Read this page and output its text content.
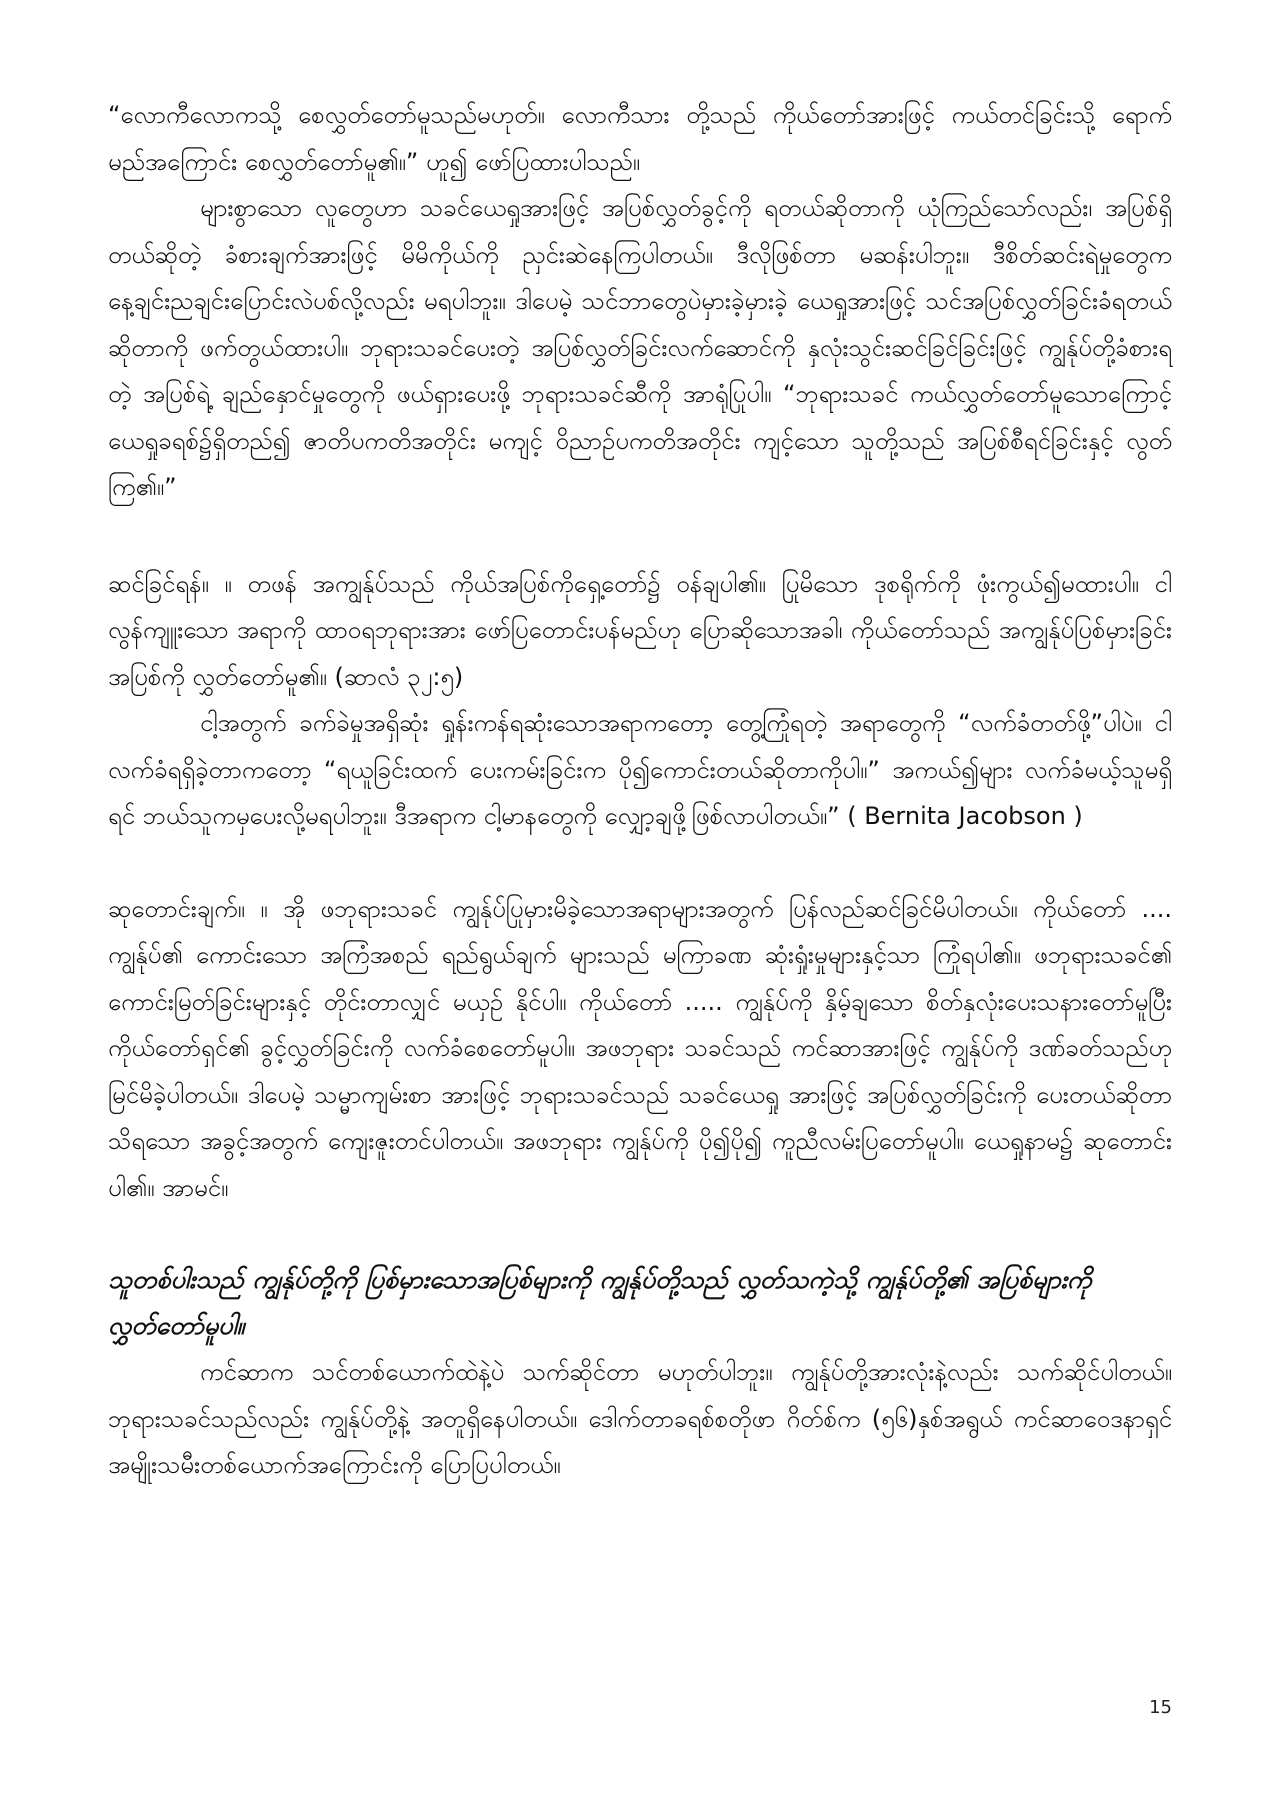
“လောကီလောကသို့ စေလွှတ်တော်မူသည်မဟုတ်။ လောကီသား တို့သည် ကိုယ်တော်အားဖြင့် ကယ်တင်ခြင်းသို့ ရောက်မည်အကြောင်း စေလွှတ်တော်မူ၏။” ဟူ၍ ဖော်ပြထားပါသည်။

များစွာသော လူတွေဟာ သခင်ယေရှုအားဖြင့် အပြစ်လွှတ်ခွင့်ကို ရတယ်ဆိုတာကို ယုံကြည်သော်လည်း၊ အပြစ်ရှိတယ်ဆိုတဲ့ ခံစားချက်အားဖြင့် မိမိကိုယ်ကို ညှင်းဆဲနေကြပါတယ်။ ဒီလိုဖြစ်တာ မဆန်းပါဘူး။ ဒီစိတ်ဆင်းရဲမှုတွေက နေ့ချင်းညချင်းပြောင်းလဲပစ်လို့လည်း မရပါဘူး။ ဒါပေမဲ့ သင်ဘာတွေပဲမှားခဲ့မှားခဲ့ ယေရှုအားဖြင့် သင်အပြစ်လွှတ်ခြင်းခံရတယ်ဆိုတာကို ဖက်တွယ်ထားပါ။ ဘုရားသခင်ပေးတဲ့ အပြစ်လွှတ်ခြင်းလက်ဆောင်ကို နှလုံးသွင်းဆင်ခြင်ခြင်းဖြင့် ကျွန်ုပ်တို့ခံစားရတဲ့ အပြစ်ရဲ့ ချည်နှောင်မှုတွေကို ဖယ်ရှားပေးဖို့ ဘုရားသခင်ဆီကို အာရုံပြုပါ။ “ဘုရားသခင် ကယ်လွှတ်တော်မူသောကြောင့် ယေရှုခရစ်၌ရှိတည်၍ ဇာတိပကတိအတိုင်း မကျင့် ဝိညာဉ်ပကတိအတိုင်း ကျင့်သော သူတို့သည် အပြစ်စီရင်ခြင်းနှင့် လွတ်ကြ၏။”

ဆင်ခြင်ရန်။ ။ တဖန် အကျွန်ုပ်သည် ကိုယ်အပြစ်ကိုရှေ့တော်၌ ဝန်ချပါ၏။ ပြုမိသော ဒုစရိုက်ကို ဖုံးကွယ်၍မထားပါ။ ငါလွန်ကျူးသော အရာကို ထာဝရဘုရားအား ဖော်ပြတောင်းပန်မည်ဟု ပြောဆိုသောအခါ၊ ကိုယ်တော်သည် အကျွန်ုပ်ပြစ်မှားခြင်းအပြစ်ကို လွှတ်တော်မူ၏။ (ဆာလံ ၃၂:၅)

ငါ့အတွက် ခက်ခဲမှုအရှိဆုံး ရှုန်းကန်ရဆုံးသောအရာကတော့ တွေ့ကြုံရတဲ့ အရာတွေကို “လက်ခံတတ်ဖို့”ပါပဲ။ ငါလက်ခံရရှိခဲ့တာကတော့ “ရယူခြင်းထက် ပေးကမ်းခြင်းက ပို၍ကောင်းတယ်ဆိုတာကိုပါ။” အကယ်၍များ လက်ခံမယ့်သူမရှိရင် ဘယ်သူကမှပေးလို့မရပါဘူး။ ဒီအရာက ငါ့မာနတွေကို လျှော့ချဖို့ဖြစ်လာပါတယ်။” ( Bernita Jacobson )

ဆုတောင်းချက်။ ။ အို ဖဘုရားသခင် ကျွန်ုပ်ပြုမှားမိခဲ့သောအရာများအတွက် ပြန်လည်ဆင်ခြင်မိပါတယ်။ ကိုယ်တော် .... ကျွန်ုပ်၏ ကောင်းသော အကြံအစည် ရည်ရွယ်ချက် များသည် မကြာခဏ ဆုံးရှုံးမှုများနှင့်သာ ကြုံရပါ၏။ ဖဘုရားသခင်၏ ကောင်းမြတ်ခြင်းများနှင့် တိုင်းတာလျှင် မယှဉ် နိုင်ပါ။ ကိုယ်တော် ..... ကျွန်ုပ်ကို နှိမ့်ချသော စိတ်နှလုံးပေးသနားတော်မူပြီး ကိုယ်တော်ရှင်၏ ခွင့်လွှတ်ခြင်းကို လက်ခံစေတော်မူပါ။ အဖဘုရား သခင်သည် ကင်ဆာအားဖြင့် ကျွန်ုပ်ကို ဒဏ်ခတ်သည်ဟု မြင်မိခဲ့ပါတယ်။ ဒါပေမဲ့ သမ္မာကျမ်းစာ အားဖြင့် ဘုရားသခင်သည် သခင်ယေရှု အားဖြင့် အပြစ်လွှတ်ခြင်းကို ပေးတယ်ဆိုတာသိရသော အခွင့်အတွက် ကျေးဇူးတင်ပါတယ်။ အဖဘုရား ကျွန်ုပ်ကို ပို၍ပို၍ ကူညီလမ်းပြတော်မူပါ။ ယေရှုနာမ၌ ဆုတောင်းပါ၏။ အာမင်။

သူတစ်ပါးသည် ကျွန်ုပ်တို့ကို ပြစ်မှားသောအပြစ်များကို ကျွန်ုပ်တို့သည် လွှတ်သကဲ့သို့ ကျွန်ုပ်တို့၏ အပြစ်များကို လွှတ်တော်မူပါ။

ကင်ဆာက သင်တစ်ယောက်ထဲနဲ့ပဲ သက်ဆိုင်တာ မဟုတ်ပါဘူး။ ကျွန်ုပ်တို့အားလုံးနဲ့လည်း သက်ဆိုင်ပါတယ်။ ဘုရားသခင်သည်လည်း ကျွန်ုပ်တို့နဲ့ အတူရှိနေပါတယ်။ ဒေါက်တာခရစ်စတိုဖာ ဂိတ်စ်က (၅၆)နှစ်အရွယ် ကင်ဆာဝေဒနာရှင် အမျိုးသမီးတစ်ယောက်အကြောင်းကို ပြောပြပါတယ်။

15
